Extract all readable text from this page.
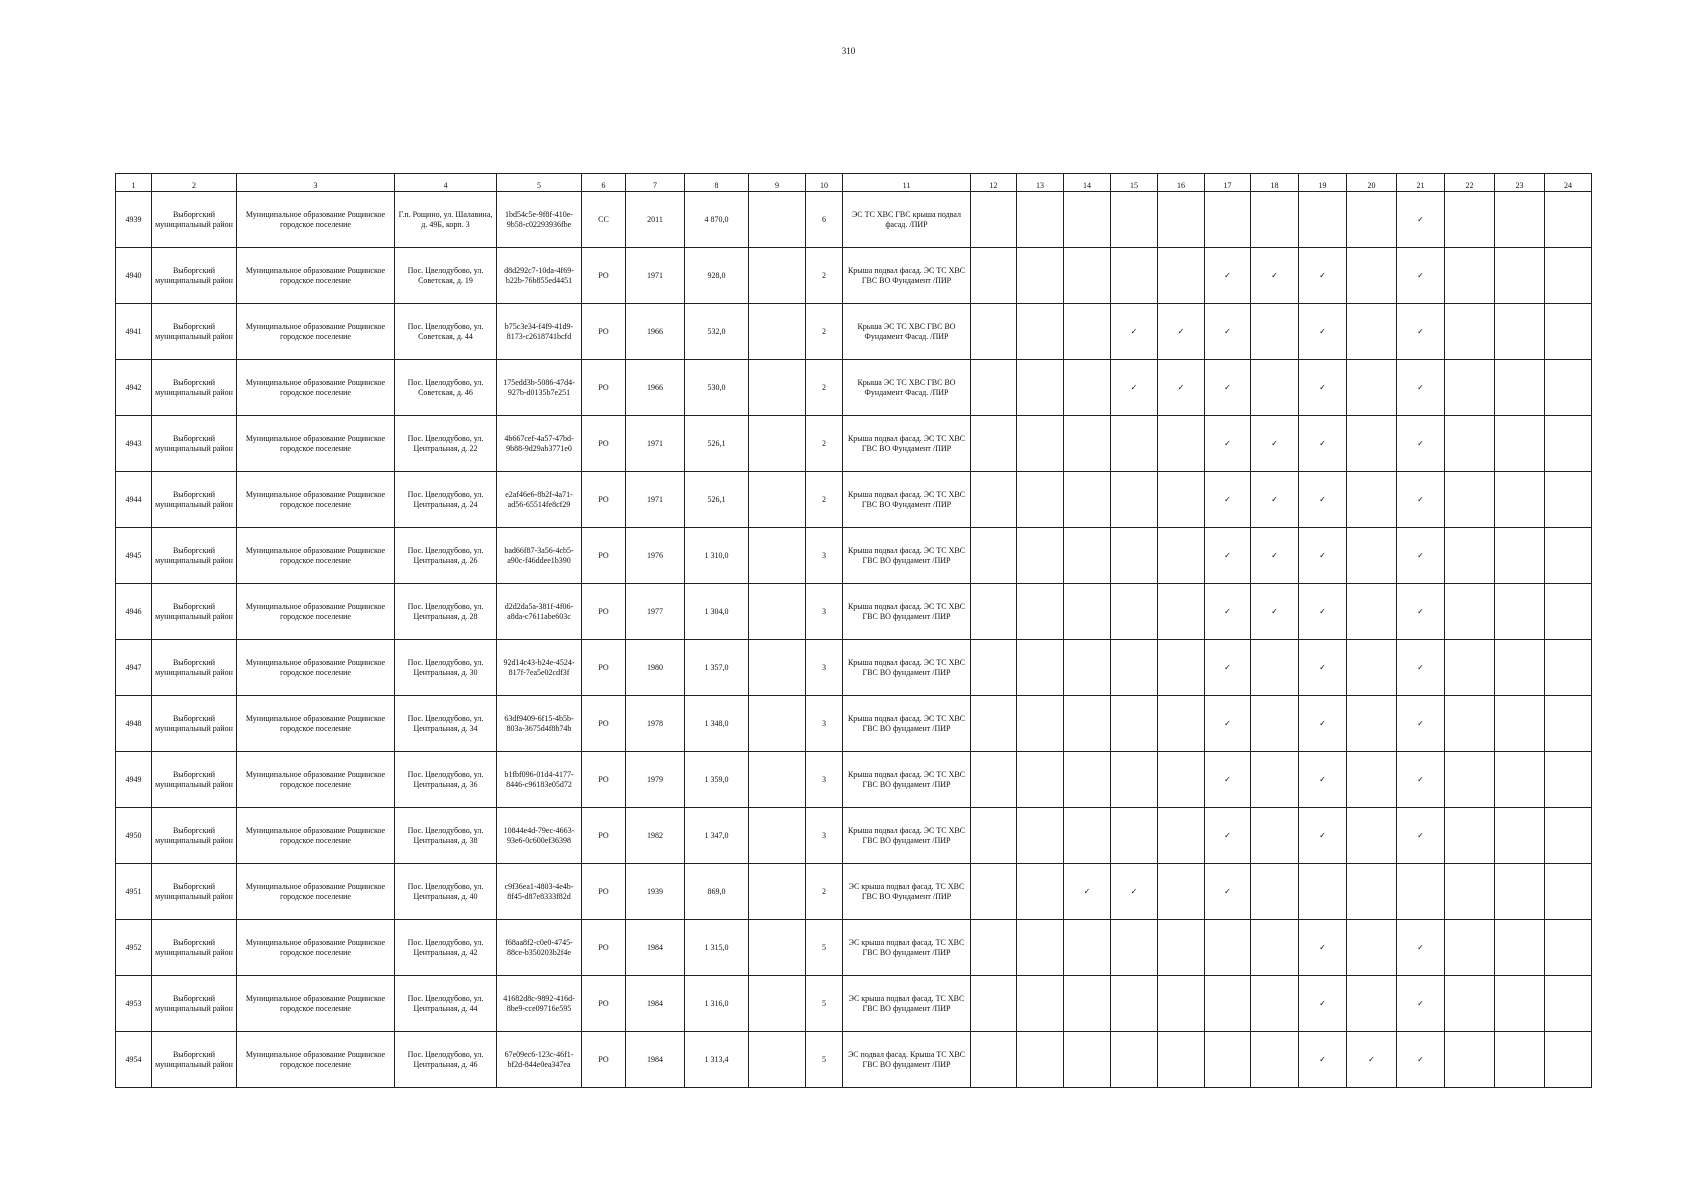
310
1	2	3	4	5	6	7	8	9	10	11	12	13	14	15	16	17	18	19	20	21	22	23	24
4939	Выборгский муниципальный район	Муниципальное образование Рощинское городское поселение	Г.п. Рощино, ул. Шалавина, д. 49Б, корп. 3	1bd54c5e-9f8f-410e-9b58-c02293936fbe	СС	2011	4 870,0		6	ЭС ТС ХВС ГВС крыша подвал фасад. /ПИР										✓			
4940	Выборгский муниципальный район	Муниципальное образование Рощинское городское поселение	Пос. Цвелодубово, ул. Советская, д. 19	d8d292c7-10da-4f69-b22b-76b855ed4451	РО	1971	928,0		2	Крыша подвал фасад. ЭС ТС ХВС ГВС ВО Фундамент /ПИР						✓	✓	✓		✓			
4941	Выборгский муниципальный район	Муниципальное образование Рощинское городское поселение	Пос. Цвелодубово, ул. Советская, д. 44	b75c3e34-f4f9-41d9-8173-c2618741bcfd	РО	1966	532,0		2	Крыша ЭС ТС ХВС ГВС ВО Фундамент Фасад. /ПИР				✓	✓	✓		✓		✓			
4942	Выборгский муниципальный район	Муниципальное образование Рощинское городское поселение	Пос. Цвелодубово, ул. Советская, д. 46	175edd3b-5086-47d4-927b-d0135b7e251	РО	1966	530,0		2	Крыша ЭС ТС ХВС ГВС ВО Фундамент Фасад. /ПИР				✓	✓	✓		✓		✓			
4943	Выборгский муниципальный район	Муниципальное образование Рощинское городское поселение	Пос. Цвелодубово, ул. Центральная, д. 22	4b667cef-4a57-47bd-9b88-9d29ab3771e0	РО	1971	526,1		2	Крыша подвал фасад. ЭС ТС ХВС ГВС ВО Фундамент /ПИР						✓	✓	✓		✓			
4944	Выборгский муниципальный район	Муниципальное образование Рощинское городское поселение	Пос. Цвелодубово, ул. Центральная, д. 24	e2af46e6-8b2f-4a71-ad56-65514fe8cf29	РО	1971	526,1		2	Крыша подвал фасад. ЭС ТС ХВС ГВС ВО Фундамент /ПИР						✓	✓	✓		✓			
4945	Выборгский муниципальный район	Муниципальное образование Рощинское городское поселение	Пос. Цвелодубово, ул. Центральная, д. 26	bad66f87-3a56-4cb5-a90c-f46ddee1b390	РО	1976	1 310,0		3	Крыша подвал фасад. ЭС ТС ХВС ГВС ВО фундамент /ПИР						✓	✓	✓		✓			
4946	Выборгский муниципальный район	Муниципальное образование Рощинское городское поселение	Пос. Цвелодубово, ул. Центральная, д. 28	d2d2da5a-381f-4f06-a8da-c7611abe603c	РО	1977	1 304,0		3	Крыша подвал фасад. ЭС ТС ХВС ГВС ВО фундамент /ПИР						✓	✓	✓		✓			
4947	Выборгский муниципальный район	Муниципальное образование Рощинское городское поселение	Пос. Цвелодубово, ул. Центральная, д. 30	92d14c43-b24e-4524-817f-7ea5e02cdf3f	РО	1980	1 357,0		3	Крыша подвал фасад. ЭС ТС ХВС ГВС ВО фундамент /ПИР						✓		✓		✓			
4948	Выборгский муниципальный район	Муниципальное образование Рощинское городское поселение	Пос. Цвелодубово, ул. Центральная, д. 34	63df9409-6f15-4b5b-803a-3675d4f8b74b	РО	1978	1 348,0		3	Крыша подвал фасад. ЭС ТС ХВС ГВС ВО фундамент /ПИР						✓		✓		✓			
4949	Выборгский муниципальный район	Муниципальное образование Рощинское городское поселение	Пос. Цвелодубово, ул. Центральная, д. 36	b1fbf096-01d4-4177-8446-c96183e05d72	РО	1979	1 359,0		3	Крыша подвал фасад. ЭС ТС ХВС ГВС ВО фундамент /ПИР						✓		✓		✓			
4950	Выборгский муниципальный район	Муниципальное образование Рощинское городское поселение	Пос. Цвелодубово, ул. Центральная, д. 38	10844e4d-79ec-4663-93e6-0c600ef36398	РО	1982	1 347,0		3	Крыша подвал фасад. ЭС ТС ХВС ГВС ВО фундамент /ПИР						✓		✓		✓			
4951	Выборгский муниципальный район	Муниципальное образование Рощинское городское поселение	Пос. Цвелодубово, ул. Центральная, д. 40	c9f36ea1-4803-4e4b-8f45-d87e8333f82d	РО	1939	869,0		2	ЭС крыша подвал фасад. ТС ХВС ГВС ВО Фундамент /ПИР			✓	✓		✓							
4952	Выборгский муниципальный район	Муниципальное образование Рощинское городское поселение	Пос. Цвелодубово, ул. Центральная, д. 42	f68aa8f2-c0e0-4745-88ce-b350203b2f4e	РО	1984	1 315,0		5	ЭС крыша подвал фасад. ТС ХВС ГВС ВО фундамент /ПИР								✓		✓			
4953	Выборгский муниципальный район	Муниципальное образование Рощинское городское поселение	Пос. Цвелодубово, ул. Центральная, д. 44	41682d8c-9892-416d-8be9-cce09716e595	РО	1984	1 316,0		5	ЭС крыша подвал фасад. ТС ХВС ГВС ВО фундамент /ПИР								✓		✓			
4954	Выборгский муниципальный район	Муниципальное образование Рощинское городское поселение	Пос. Цвелодубово, ул. Центральная, д. 46	67e09ec6-123c-46f1-bf2d-844e0ea347ea	РО	1984	1 313,4		5	ЭС подвал фасад. Крыша ТС ХВС ГВС ВО фундамент /ПИР								✓	✓	✓			
